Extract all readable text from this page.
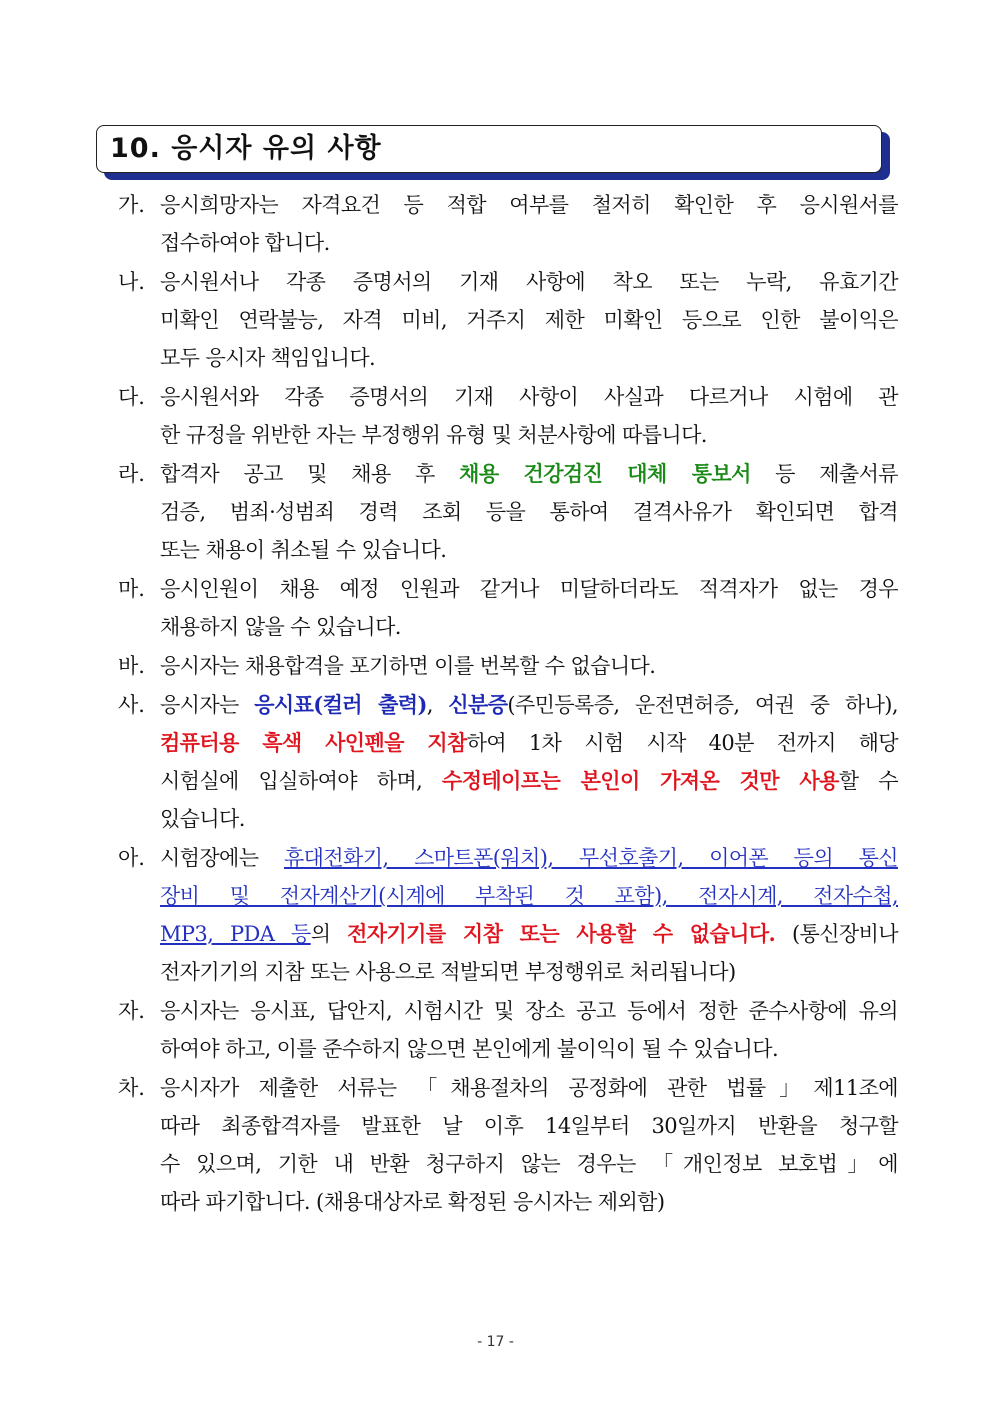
10. 응시자 유의 사항
가. 응시희망자는 자격요건 등 적합 여부를 철저히 확인한 후 응시원서를
접수하여야 합니다.
나. 응시원서나 각종 증명서의 기재 사항에 착오 또는 누락, 유효기간
미확인 연락불능, 자격 미비, 거주지 제한 미확인 등으로 인한 불이익은
모두 응시자 책임입니다.
다. 응시원서와 각종 증명서의 기재 사항이 사실과 다르거나 시험에 관
한 규정을 위반한 자는 부정행위 유형 및 처분사항에 따릅니다.
라. 합격자 공고 및 채용 후 채용 건강검진 대체 통보서 등 제출서류
검증, 범죄·성범죄 경력 조회 등을 통하여 결격사유가 확인되면 합격
또는 채용이 취소될 수 있습니다.
마. 응시인원이 채용 예정 인원과 같거나 미달하더라도 적격자가 없는 경우
채용하지 않을 수 있습니다.
바. 응시자는 채용합격을 포기하면 이를 번복할 수 없습니다.
사. 응시자는 응시표(컬러 출력), 신분증(주민등록증, 운전면허증, 여권 중 하나),
컴퓨터용 흑색 사인펜을 지참하여 1차 시험 시작 40분 전까지 해당
시험실에 입실하여야 하며, 수정테이프는 본인이 가져온 것만 사용할 수
있습니다.
아. 시험장에는 휴대전화기, 스마트폰(워치), 무선호출기, 이어폰 등의 통신
장비 및 전자계산기(시계에 부착된 것 포함), 전자시계, 전자수첩,
MP3, PDA 등의 전자기기를 지참 또는 사용할 수 없습니다. (통신장비나
전자기기의 지참 또는 사용으로 적발되면 부정행위로 처리됩니다)
자. 응시자는 응시표, 답안지, 시험시간 및 장소 공고 등에서 정한 준수사항에 유의
하여야 하고, 이를 준수하지 않으면 본인에게 불이익이 될 수 있습니다.
차. 응시자가 제출한 서류는 「채용절차의 공정화에 관한 법률」제11조에
따라 최종합격자를 발표한 날 이후 14일부터 30일까지 반환을 청구할
수 있으며, 기한 내 반환 청구하지 않는 경우는 「개인정보 보호법」에
따라 파기합니다. (채용대상자로 확정된 응시자는 제외함)
- 17 -
